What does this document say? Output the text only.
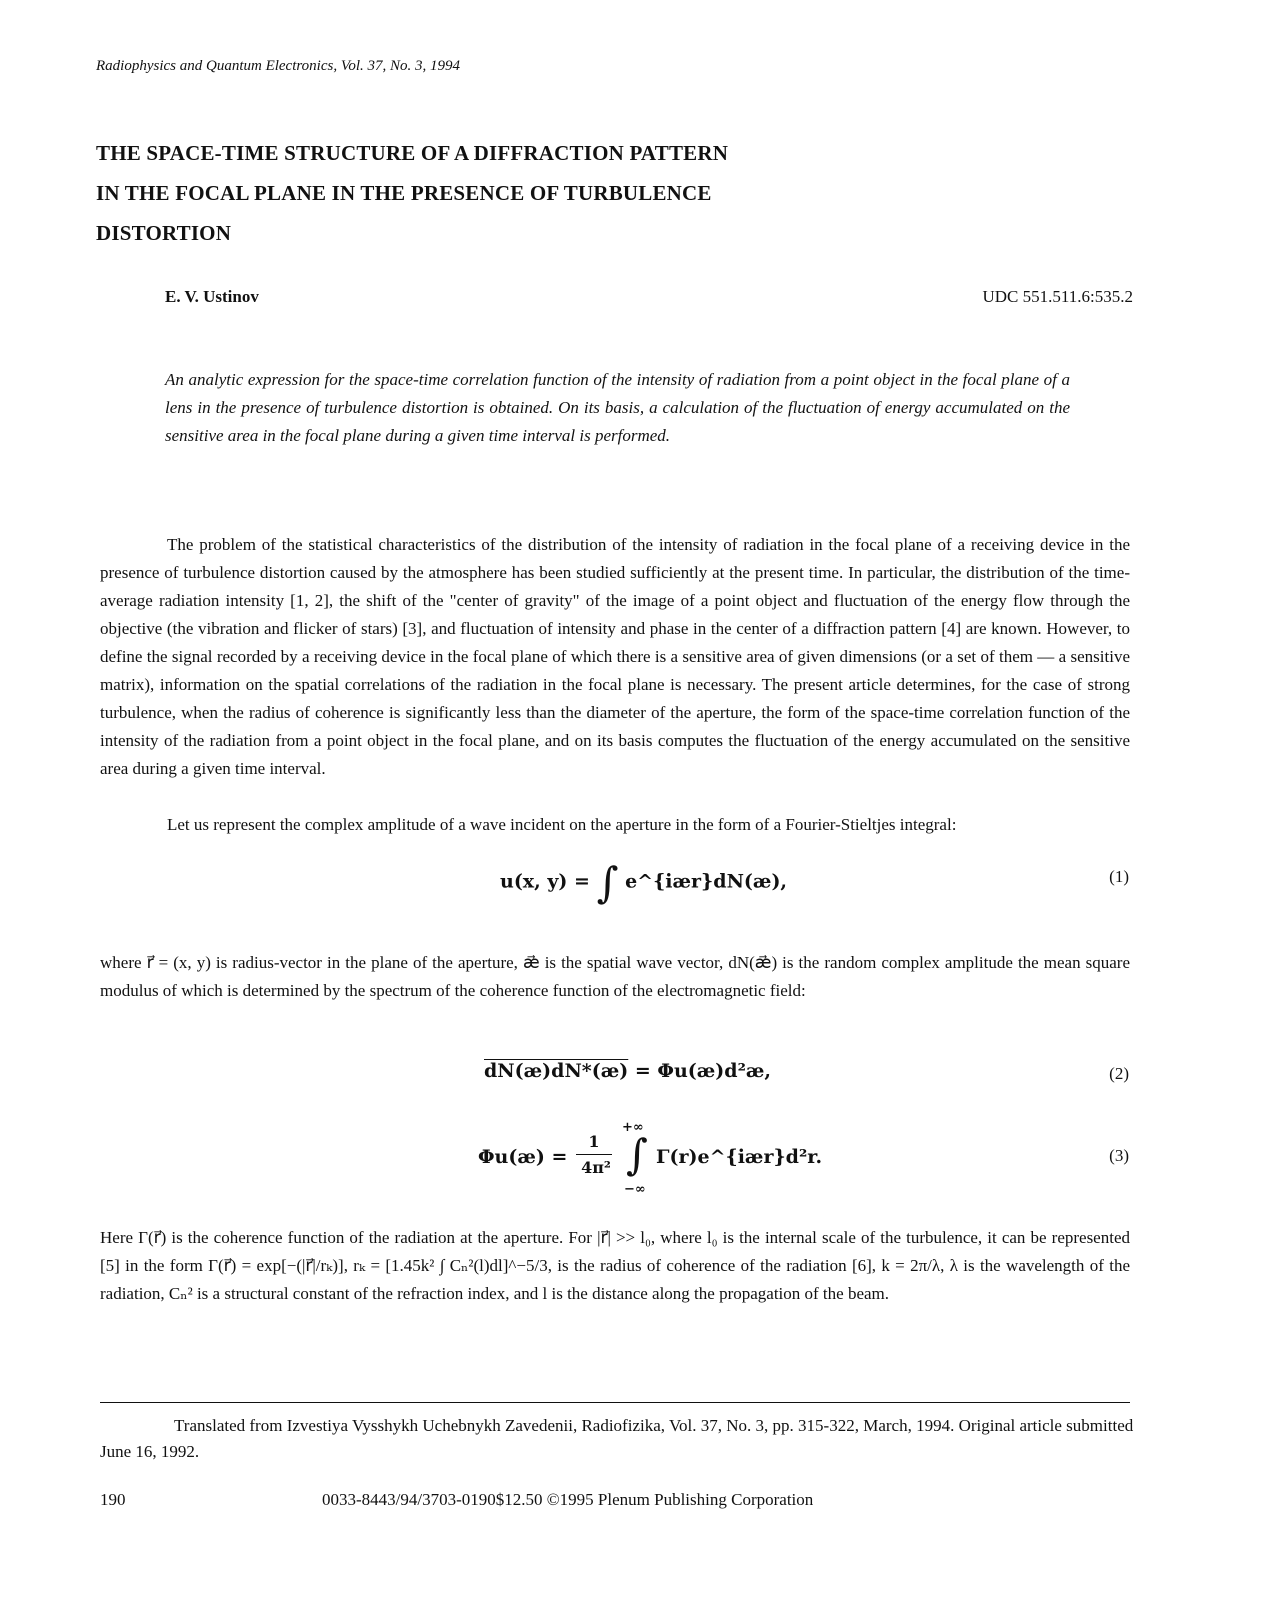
Radiophysics and Quantum Electronics, Vol. 37, No. 3, 1994
THE SPACE-TIME STRUCTURE OF A DIFFRACTION PATTERN
IN THE FOCAL PLANE IN THE PRESENCE OF TURBULENCE
DISTORTION
E. V. Ustinov	UDC 551.511.6:535.2
An analytic expression for the space-time correlation function of the intensity of radiation from a point object in the focal plane of a lens in the presence of turbulence distortion is obtained. On its basis, a calculation of the fluctuation of energy accumulated on the sensitive area in the focal plane during a given time interval is performed.
The problem of the statistical characteristics of the distribution of the intensity of radiation in the focal plane of a receiving device in the presence of turbulence distortion caused by the atmosphere has been studied sufficiently at the present time. In particular, the distribution of the time-average radiation intensity [1, 2], the shift of the "center of gravity" of the image of a point object and fluctuation of the energy flow through the objective (the vibration and flicker of stars) [3], and fluctuation of intensity and phase in the center of a diffraction pattern [4] are known. However, to define the signal recorded by a receiving device in the focal plane of which there is a sensitive area of given dimensions (or a set of them — a sensitive matrix), information on the spatial correlations of the radiation in the focal plane is necessary. The present article determines, for the case of strong turbulence, when the radius of coherence is significantly less than the diameter of the aperture, the form of the space-time correlation function of the intensity of the radiation from a point object in the focal plane, and on its basis computes the fluctuation of the energy accumulated on the sensitive area during a given time interval.
Let us represent the complex amplitude of a wave incident on the aperture in the form of a Fourier-Stieltjes integral:
u(x, y) = ∫ e^{iær}dN(æ),	(1)
where r⃗ = (x, y) is radius-vector in the plane of the aperture, æ⃗ is the spatial wave vector, dN(æ⃗) is the random complex amplitude the mean square modulus of which is determined by the spectrum of the coherence function of the electromagnetic field:
dN(æ)dN*(æ) = Φu(æ)d²æ,	(2)
Φu(æ) =
1
4π²
+∞
∫
−∞
Γ(r)e^{iær}d²r.	(3)
Here Γ(r⃗) is the coherence function of the radiation at the aperture. For |r⃗| >> l₀, where l₀ is the internal scale of the turbulence, it can be represented [5] in the form Γ(r⃗) = exp[−(|r⃗|/rₖ)], rₖ = [1.45k² ∫ Cₙ²(l)dl]^−5/3, is the radius of coherence of the radiation [6], k = 2π/λ, λ is the wavelength of the radiation, Cₙ² is a structural constant of the refraction index, and l is the distance along the propagation of the beam.
Translated from Izvestiya Vysshykh Uchebnykh Zavedenii, Radiofizika, Vol. 37, No. 3, pp. 315-322, March, 1994. Original article submitted June 16, 1992.
190	0033-8443/94/3703-0190$12.50 ©1995 Plenum Publishing Corporation
